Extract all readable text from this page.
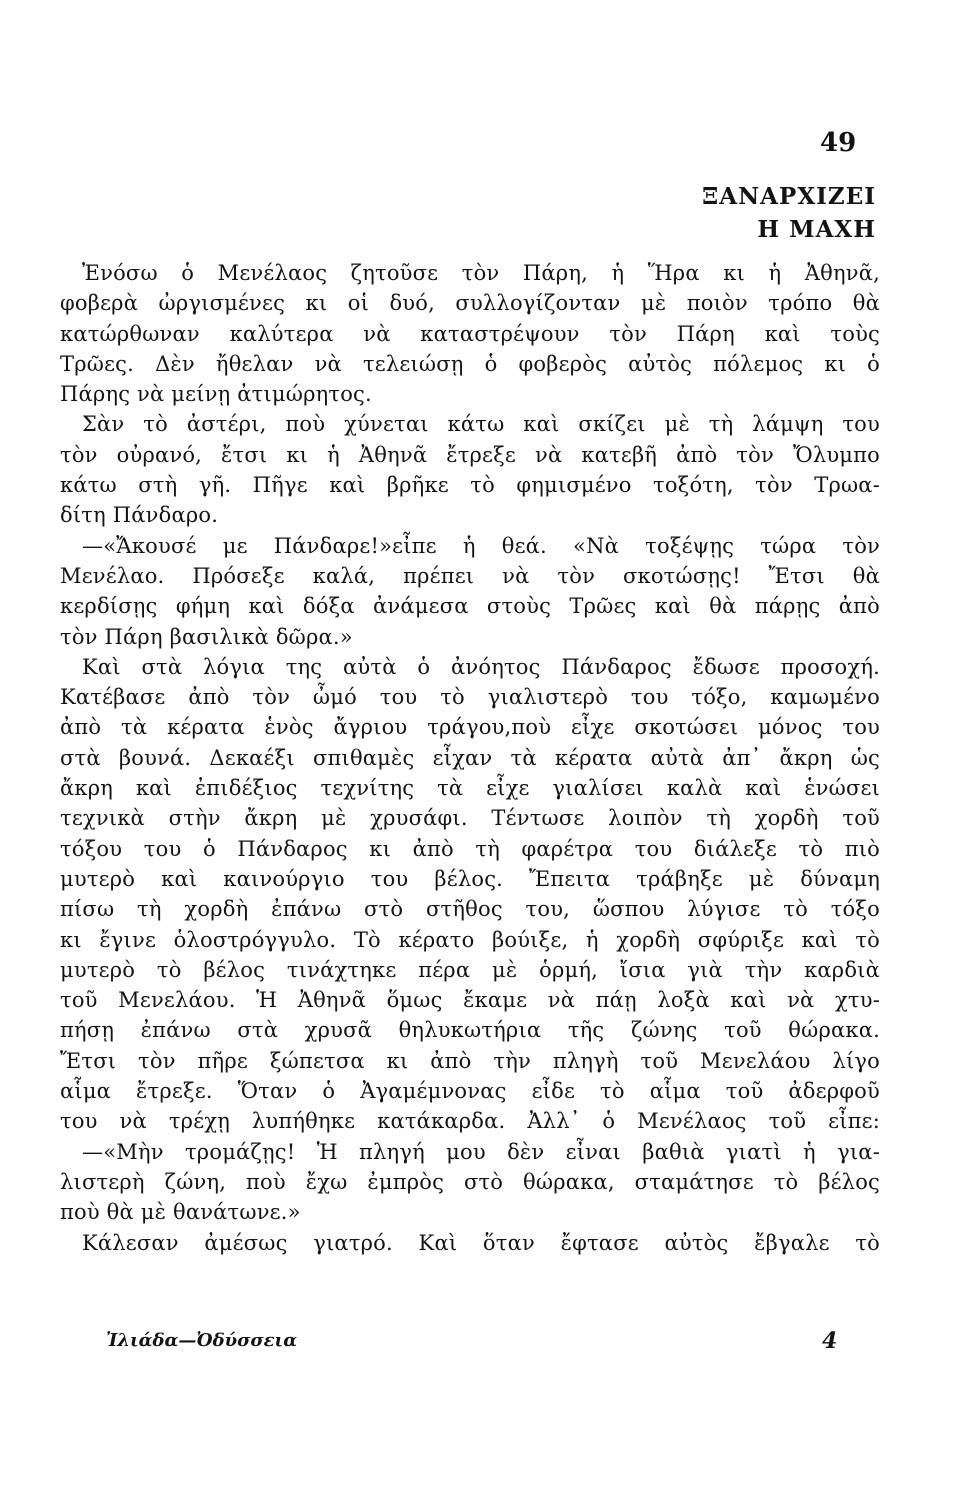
49
ΞΑΝΑΡΧΙΖΕΙ
Η ΜΑΧΗ
Ἐνόσω ὁ Μενέλαος ζητοῦσε τὸν Πάρη, ἡ Ἥρα κι ἡ Ἀθηνᾶ,
φοβερὰ ὠργισμένες κι οἱ δυό, συλλογίζονταν μὲ ποιὸν τρόπο θὰ
κατώρθωναν καλύτερα νὰ καταστρέψουν τὸν Πάρη καὶ τοὺς
Τρῶες. Δὲν ἤθελαν νὰ τελειώσῃ ὁ φοβερὸς αὐτὸς πόλεμος κι ὁ
Πάρης νὰ μείνῃ ἀτιμώρητος.
Σὰν τὸ ἀστέρι, ποὺ χύνεται κάτω καὶ σκίζει μὲ τὴ λάμψη του
τὸν οὐρανό, ἔτσι κι ἡ Ἀθηνᾶ ἔτρεξε νὰ κατεβῆ ἀπὸ τὸν Ὄλυμπο
κάτω στὴ γῆ. Πῆγε καὶ βρῆκε τὸ φημισμένο τοξότη, τὸν Τρωα-
δίτη Πάνδαρο.
—«Ἄκουσέ με Πάνδαρε!»εἶπε ἡ θεά. «Νὰ τοξέψῃς τώρα τὸν
Μενέλαο. Πρόσεξε καλά, πρέπει νὰ τὸν σκοτώσῃς! Ἔτσι θὰ
κερδίσῃς φήμη καὶ δόξα ἀνάμεσα στοὺς Τρῶες καὶ θὰ πάρῃς ἀπὸ
τὸν Πάρη βασιλικὰ δῶρα.»
Καὶ στὰ λόγια της αὐτὰ ὁ ἀνόητος Πάνδαρος ἔδωσε προσοχή.
Κατέβασε ἀπὸ τὸν ὦμό του τὸ γιαλιστερὸ του τόξο, καμωμένο
ἀπὸ τὰ κέρατα ἑνὸς ἄγριου τράγου,ποὺ εἶχε σκοτώσει μόνος του
στὰ βουνά. Δεκαέξι σπιθαμὲς εἶχαν τὰ κέρατα αὐτὰ ἀπ᾽ ἄκρη ὡς
ἄκρη καὶ ἐπιδέξιος τεχνίτης τὰ εἶχε γιαλίσει καλὰ καὶ ἑνώσει
τεχνικὰ στὴν ἄκρη μὲ χρυσάφι. Τέντωσε λοιπὸν τὴ χορδὴ τοῦ
τόξου του ὁ Πάνδαρος κι ἀπὸ τὴ φαρέτρα του διάλεξε τὸ πιὸ
μυτερὸ καὶ καινούργιο του βέλος. Ἔπειτα τράβηξε μὲ δύναμη
πίσω τὴ χορδὴ ἐπάνω στὸ στῆθος του, ὥσπου λύγισε τὸ τόξο
κι ἔγινε ὁλοστρόγγυλο. Τὸ κέρατο βούιξε, ἡ χορδὴ σφύριξε καὶ τὸ
μυτερὸ τὸ βέλος τινάχτηκε πέρα μὲ ὁρμή, ἴσια γιὰ τὴν καρδιὰ
τοῦ Μενελάου. Ἡ Ἀθηνᾶ ὅμως ἔκαμε νὰ πάῃ λοξὰ καὶ νὰ χτυ-
πήσῃ ἐπάνω στὰ χρυσᾶ θηλυκωτήρια τῆς ζώνης τοῦ θώρακα.
Ἔτσι τὸν πῆρε ξώπετσα κι ἀπὸ τὴν πληγὴ τοῦ Μενελάου λίγο
αἷμα ἔτρεξε. Ὅταν ὁ Ἀγαμέμνονας εἶδε τὸ αἷμα τοῦ ἀδερφοῦ
του νὰ τρέχῃ λυπήθηκε κατάκαρδα. Ἀλλ᾽ ὁ Μενέλαος τοῦ εἶπε:
—«Μὴν τρομάζῃς! Ἡ πληγή μου δὲν εἶναι βαθιὰ γιατὶ ἡ για-
λιστερὴ ζώνη, ποὺ ἔχω ἐμπρὸς στὸ θώρακα, σταμάτησε τὸ βέλος
ποὺ θὰ μὲ θανάτωνε.»
Κάλεσαν ἀμέσως γιατρό. Καὶ ὅταν ἔφτασε αὐτὸς ἔβγαλε τὸ
Ἰλιάδα—Ὀδύσσεια	4
